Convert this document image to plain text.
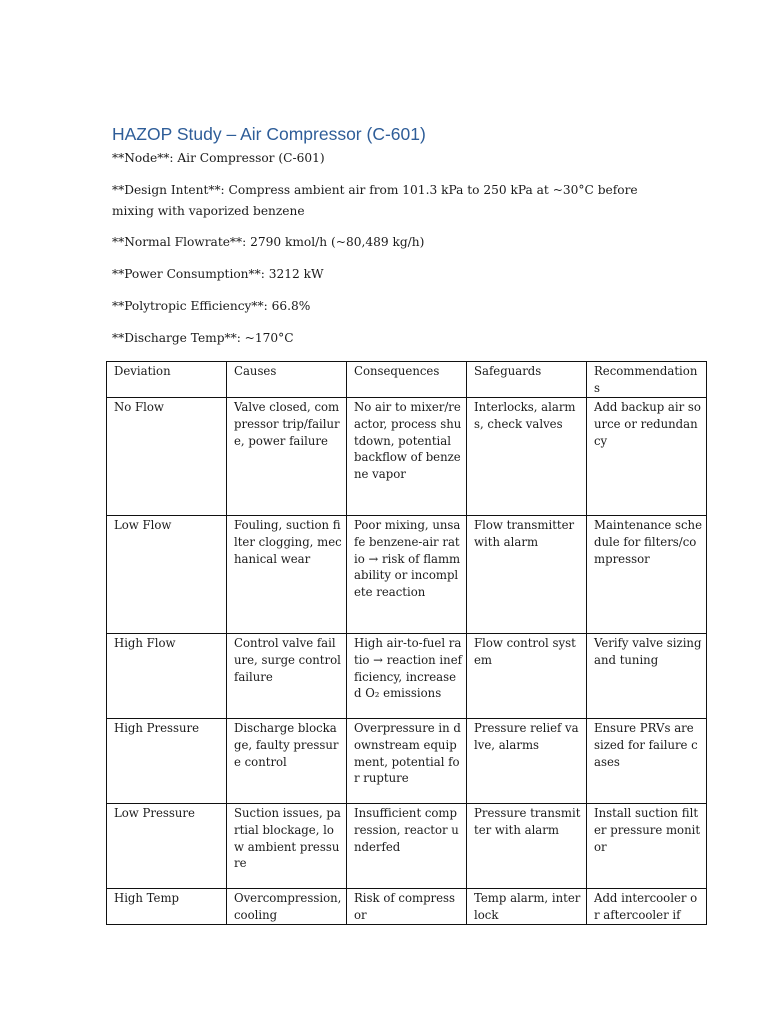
HAZOP Study – Air Compressor (C-601)

**Node**: Air Compressor (C-601)

**Design Intent**: Compress ambient air from 101.3 kPa to 250 kPa at ~30°C before mixing with vaporized benzene

**Normal Flowrate**: 2790 kmol/h (~80,489 kg/h)

**Power Consumption**: 3212 kW

**Polytropic Efficiency**: 66.8%

**Discharge Temp**: ~170°C

Deviation	Causes	Consequences	Safeguards	Recommendations
No Flow	Valve closed, compressor trip/failure, power failure	No air to mixer/reactor, process shutdown, potential backflow of benzene vapor	Interlocks, alarms, check valves	Add backup air source or redundancy
Low Flow	Fouling, suction filter clogging, mechanical wear	Poor mixing, unsafe benzene-air ratio → risk of flammability or incomplete reaction	Flow transmitter with alarm	Maintenance schedule for filters/compressor
High Flow	Control valve failure, surge control failure	High air-to-fuel ratio → reaction inefficiency, increased O₂ emissions	Flow control system	Verify valve sizing and tuning
High Pressure	Discharge blockage, faulty pressure control	Overpressure in downstream equipment, potential for rupture	Pressure relief valve, alarms	Ensure PRVs are sized for failure cases
Low Pressure	Suction issues, partial blockage, low ambient pressure	Insufficient compression, reactor underfed	Pressure transmitter with alarm	Install suction filter pressure monitor
High Temp	Overcompression, cooling	Risk of compressor	Temp alarm, interlock	Add intercooler or aftercooler if
